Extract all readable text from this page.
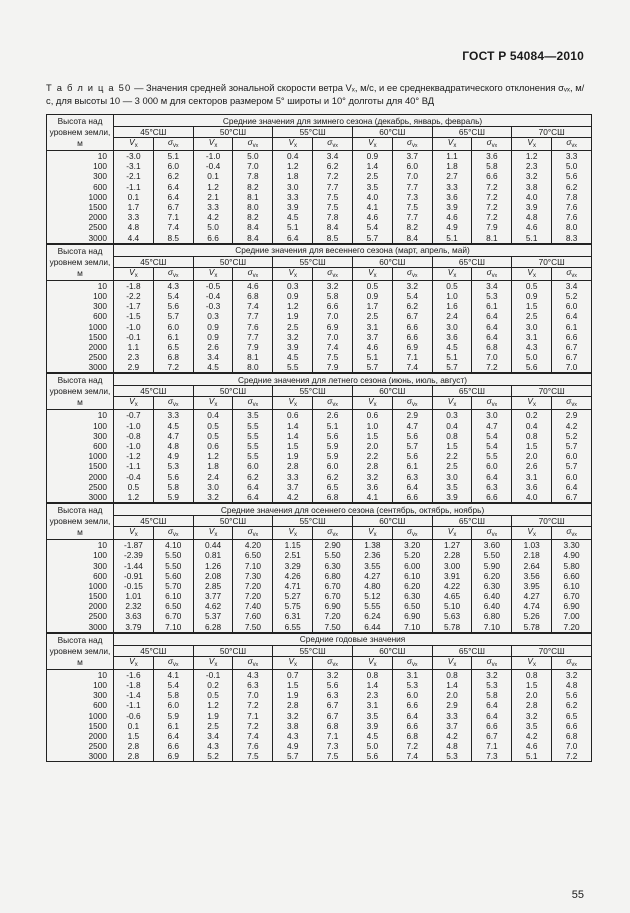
ГОСТ Р 54084—2010
Т а б л и ц а 50 — Значения средней зональной скорости ветра Vₓ, м/с, и ее среднеквадратического отклонения σᵥₓ, м/с, для высоты 10 — 3 000 м для секторов размером 5° широты и 10° долготы для 40° ВД
Высота над уровнем земли, м	Средние значения для зимнего сезона (декабрь, январь, февраль)											
	45°СШ		50°СШ		55°СШ		60°СШ		65°СШ		70°СШ	
	$V_x$	$\sigma_{vx}$	$V_x$	$\sigma_{vx}$	$V_x$	$\sigma_{vx}$	$V_x$	$\sigma_{vx}$	$V_x$	$\sigma_{vx}$	$V_x$	$\sigma_{vx}$
10	-3.0	5.1	-1.0	5.0	0.4	3.4	0.9	3.7	1.1	3.6	1.2	3.3
100	-3.1	6.0	-0.4	7.0	1.2	6.2	1.4	6.0	1.8	5.8	2.3	5.0
300	-2.1	6.2	0.1	7.8	1.8	7.2	2.5	7.0	2.7	6.6	3.2	5.6
600	-1.1	6.4	1.2	8.2	3.0	7.7	3.5	7.7	3.3	7.2	3.8	6.2
1000	0.1	6.4	2.1	8.1	3.3	7.5	4.0	7.3	3.6	7.2	4.0	7.8
1500	1.7	6.7	3.3	8.0	3.9	7.5	4.1	7.5	3.9	7.2	3.9	7.6
2000	3.3	7.1	4.2	8.2	4.5	7.8	4.6	7.7	4.6	7.2	4.8	7.6
2500	4.8	7.4	5.0	8.4	5.1	8.4	5.4	8.2	4.9	7.9	4.6	8.0
3000	4.4	8.5	6.6	8.4	6.4	8.5	5.7	8.4	5.1	8.1	5.1	8.3
Высота над уровнем земли, м	Средние значения для весеннего сезона (март, апрель, май)											
	45°СШ		50°СШ		55°СШ		60°СШ		65°СШ		70°СШ	
	$V_x$	$\sigma_{vx}$	$V_x$	$\sigma_{vx}$	$V_x$	$\sigma_{vx}$	$V_x$	$\sigma_{vx}$	$V_x$	$\sigma_{vx}$	$V_x$	$\sigma_{vx}$
10	-1.8	4.3	-0.5	4.6	0.3	3.2	0.5	3.2	0.5	3.4	0.5	3.4
100	-2.2	5.4	-0.4	6.8	0.9	5.8	0.9	5.4	1.0	5.3	0.9	5.2
300	-1.7	5.6	-0.3	7.4	1.2	6.6	1.7	6.2	1.6	6.1	1.5	6.0
600	-1.5	5.7	0.3	7.7	1.9	7.0	2.5	6.7	2.4	6.4	2.5	6.4
1000	-1.0	6.0	0.9	7.6	2.5	6.9	3.1	6.6	3.0	6.4	3.0	6.1
1500	-0.1	6.1	0.9	7.7	3.2	7.0	3.7	6.6	3.6	6.4	3.1	6.6
2000	1.1	6.5	2.6	7.9	3.9	7.4	4.6	6.9	4.5	6.8	4.3	6.7
2500	2.3	6.8	3.4	8.1	4.5	7.5	5.1	7.1	5.1	7.0	5.0	6.7
3000	2.9	7.2	4.5	8.0	5.5	7.9	5.7	7.4	5.7	7.2	5.6	7.0
Высота над уровнем земли, м	Средние значения для летнего сезона (июнь, июль, август)											
	45°СШ		50°СШ		55°СШ		60°СШ		65°СШ		70°СШ	
	$V_x$	$\sigma_{vx}$	$V_x$	$\sigma_{vx}$	$V_x$	$\sigma_{vx}$	$V_x$	$\sigma_{vx}$	$V_x$	$\sigma_{vx}$	$V_x$	$\sigma_{vx}$
10	-0.7	3.3	0.4	3.5	0.6	2.6	0.6	2.9	0.3	3.0	0.2	2.9
100	-1.0	4.5	0.5	5.5	1.4	5.1	1.0	4.7	0.4	4.7	0.4	4.2
300	-0.8	4.7	0.5	5.5	1.4	5.6	1.5	5.6	0.8	5.4	0.8	5.2
600	-1.0	4.8	0.6	5.5	1.5	5.9	2.0	5.7	1.5	5.4	1.5	5.7
1000	-1.2	4.9	1.2	5.5	1.9	5.9	2.2	5.6	2.2	5.5	2.0	6.0
1500	-1.1	5.3	1.8	6.0	2.8	6.0	2.8	6.1	2.5	6.0	2.6	5.7
2000	-0.4	5.6	2.4	6.2	3.3	6.2	3.2	6.3	3.0	6.4	3.1	6.0
2500	0.5	5.8	3.0	6.4	3.7	6.5	3.6	6.4	3.5	6.3	3.6	6.4
3000	1.2	5.9	3.2	6.4	4.2	6.8	4.1	6.6	3.9	6.6	4.0	6.7
Высота над уровнем земли, м	Средние значения для осеннего сезона (сентябрь, октябрь, ноябрь)											
	45°СШ		50°СШ		55°СШ		60°СШ		65°СШ		70°СШ	
	$V_x$	$\sigma_{vx}$	$V_x$	$\sigma_{vx}$	$V_x$	$\sigma_{vx}$	$V_x$	$\sigma_{vx}$	$V_x$	$\sigma_{vx}$	$V_x$	$\sigma_{vx}$
10	-1.87	4.10	0.44	4.20	1.15	2.90	1.38	3.20	1.27	3.60	1.03	3.30
100	-2.39	5.50	0.81	6.50	2.51	5.50	2.36	5.20	2.28	5.50	2.18	4.90
300	-1.44	5.50	1.26	7.10	3.29	6.30	3.55	6.00	3.00	5.90	2.64	5.80
600	-0.91	5.60	2.08	7.30	4.26	6.80	4.27	6.10	3.91	6.20	3.56	6.60
1000	-0.15	5.70	2.85	7.20	4.71	6.70	4.80	6.20	4.22	6.30	3.95	6.10
1500	1.01	6.10	3.77	7.20	5.27	6.70	5.12	6.30	4.65	6.40	4.27	6.70
2000	2.32	6.50	4.62	7.40	5.75	6.90	5.55	6.50	5.10	6.40	4.74	6.90
2500	3.63	6.70	5.37	7.60	6.31	7.20	6.24	6.90	5.63	6.80	5.26	7.00
3000	3.79	7.10	6.28	7.50	6.55	7.50	6.44	7.10	5.78	7.10	5.78	7.20
Высота над уровнем земли, м	Средние годовые значения											
	45°СШ		50°СШ		55°СШ		60°СШ		65°СШ		70°СШ	
	$V_x$	$\sigma_{vx}$	$V_x$	$\sigma_{vx}$	$V_x$	$\sigma_{vx}$	$V_x$	$\sigma_{vx}$	$V_x$	$\sigma_{vx}$	$V_x$	$\sigma_{vx}$
10	-1.6	4.1	-0.1	4.3	0.7	3.2	0.8	3.1	0.8	3.2	0.8	3.2
100	-1.8	5.4	0.2	6.3	1.5	5.6	1.4	5.3	1.4	5.3	1.5	4.8
300	-1.4	5.8	0.5	7.0	1.9	6.3	2.3	6.0	2.0	5.8	2.0	5.6
600	-1.1	6.0	1.2	7.2	2.8	6.7	3.1	6.6	2.9	6.4	2.8	6.2
1000	-0.6	5.9	1.9	7.1	3.2	6.7	3.5	6.4	3.3	6.4	3.2	6.5
1500	0.1	6.1	2.5	7.2	3.8	6.8	3.9	6.6	3.7	6.6	3.5	6.6
2000	1.5	6.4	3.4	7.4	4.3	7.1	4.5	6.8	4.2	6.7	4.2	6.8
2500	2.8	6.6	4.3	7.6	4.9	7.3	5.0	7.2	4.8	7.1	4.6	7.0
3000	2.8	6.9	5.2	7.5	5.7	7.5	5.6	7.4	5.3	7.3	5.1	7.2
55
